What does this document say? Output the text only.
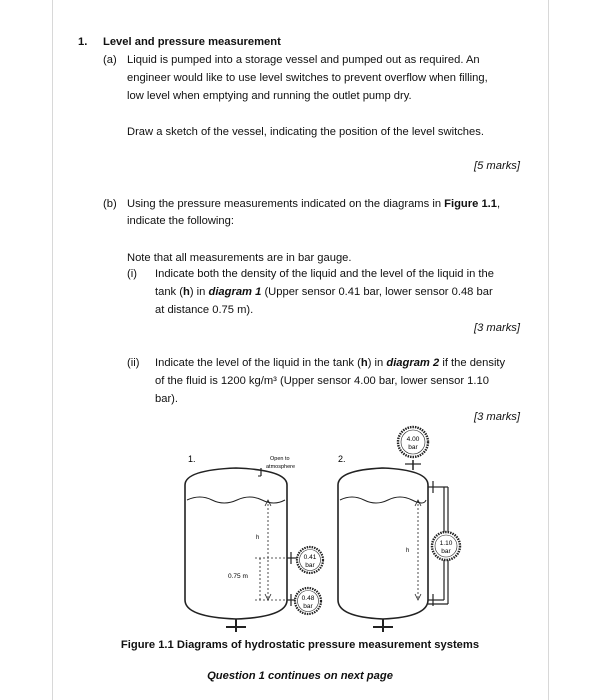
1. Level and pressure measurement
(a) Liquid is pumped into a storage vessel and pumped out as required. An
engineer would like to use level switches to prevent overflow when filling,
low level when emptying and running the outlet pump dry.
Draw a sketch of the vessel, indicating the position of the level switches.
[5 marks]
(b) Using the pressure measurements indicated on the diagrams in Figure 1.1,
indicate the following:
Note that all measurements are in bar gauge.
(i) Indicate both the density of the liquid and the level of the liquid in the
tank (h) in diagram 1 (Upper sensor 0.41 bar, lower sensor 0.48 bar
at distance 0.75 m).
[3 marks]
(ii) Indicate the level of the liquid in the tank (h) in diagram 2 if the density
of the fluid is 1200 kg/m³ (Upper sensor 4.00 bar, lower sensor 1.10
bar).
[3 marks]
1.	2.
h
0.75 m
Open to
atmosphere
0.41
bar
0.48
bar
h
4.00
bar
1.10
bar
Figure 1.1 Diagrams of hydrostatic pressure measurement systems
Question 1 continues on next page
